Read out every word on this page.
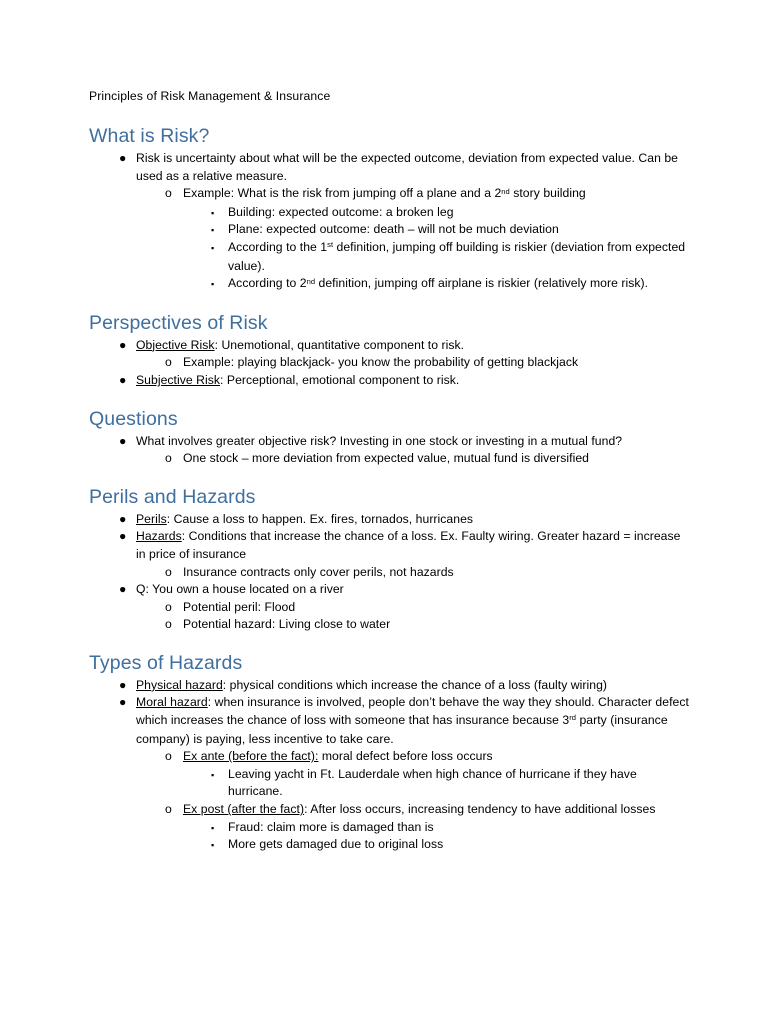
Principles of Risk Management & Insurance
What is Risk?
● Risk is uncertainty about what will be the expected outcome, deviation from expected value. Can be used as a relative measure.
o Example: What is the risk from jumping off a plane and a 2nd story building
▪ Building: expected outcome: a broken leg
▪ Plane: expected outcome: death – will not be much deviation
▪ According to the 1st definition, jumping off building is riskier (deviation from expected value).
▪ According to 2nd definition, jumping off airplane is riskier (relatively more risk).
Perspectives of Risk
● Objective Risk: Unemotional, quantitative component to risk.
o Example: playing blackjack- you know the probability of getting blackjack
● Subjective Risk: Perceptional, emotional component to risk.
Questions
● What involves greater objective risk? Investing in one stock or investing in a mutual fund?
o One stock – more deviation from expected value, mutual fund is diversified
Perils and Hazards
● Perils: Cause a loss to happen. Ex. fires, tornados, hurricanes
● Hazards: Conditions that increase the chance of a loss. Ex. Faulty wiring. Greater hazard = increase in price of insurance
o Insurance contracts only cover perils, not hazards
● Q: You own a house located on a river
o Potential peril: Flood
o Potential hazard: Living close to water
Types of Hazards
● Physical hazard: physical conditions which increase the chance of a loss (faulty wiring)
● Moral hazard: when insurance is involved, people don’t behave the way they should. Character defect which increases the chance of loss with someone that has insurance because 3rd party (insurance company) is paying, less incentive to take care.
o Ex ante (before the fact): moral defect before loss occurs
▪ Leaving yacht in Ft. Lauderdale when high chance of hurricane if they have hurricane.
o Ex post (after the fact): After loss occurs, increasing tendency to have additional losses
▪ Fraud: claim more is damaged than is
▪ More gets damaged due to original loss
